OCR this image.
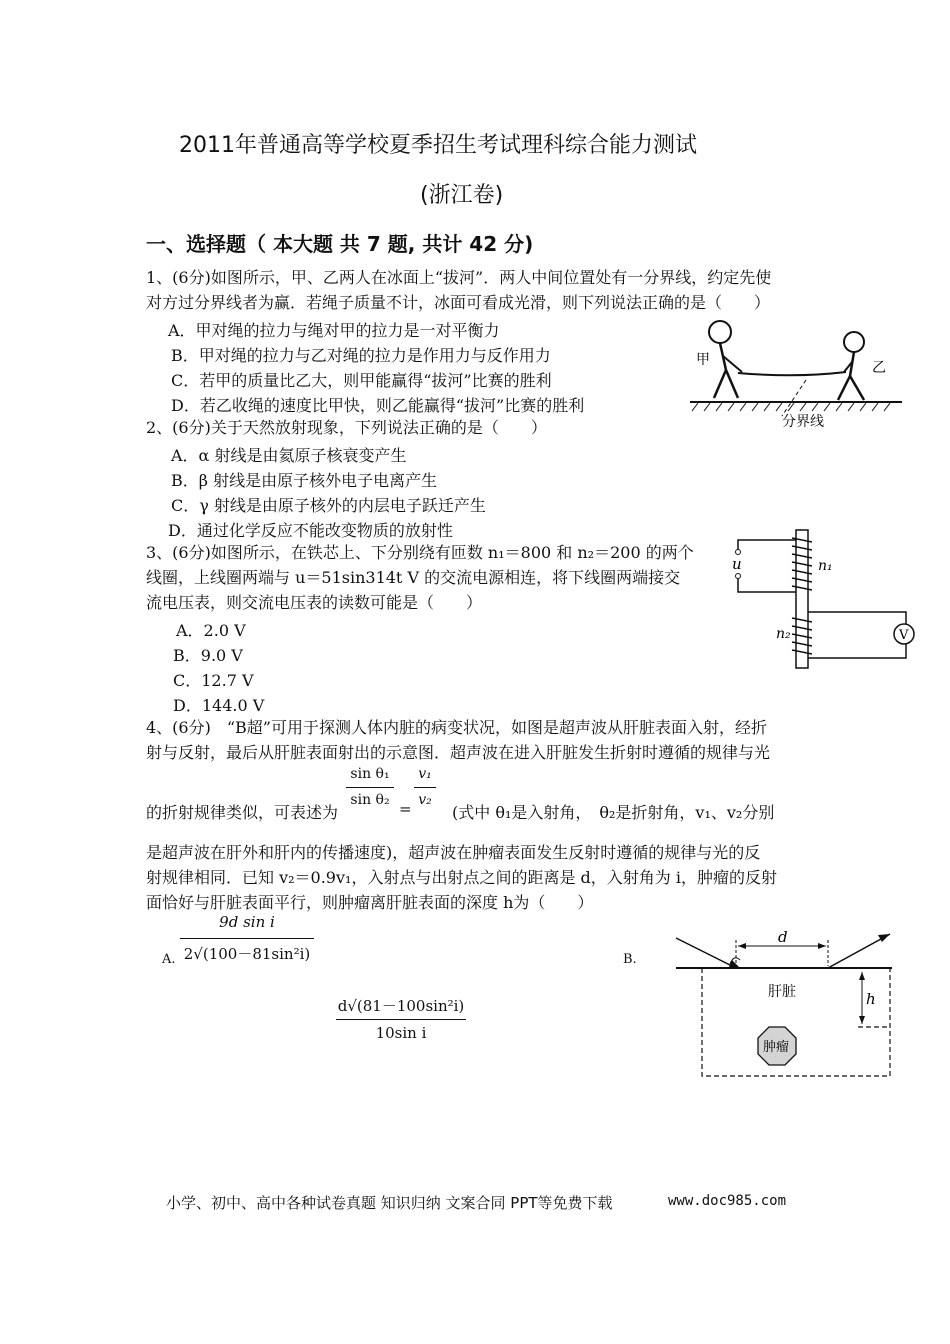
2011年普通高等学校夏季招生考试理科综合能力测试
(浙江卷)
一、选择题（ 本大题 共 7 题, 共计 42 分)
1、(6分)如图所示，甲、乙两人在冰面上“拔河”．两人中间位置处有一分界线，约定先使
对方过分界线者为赢．若绳子质量不计，冰面可看成光滑，则下列说法正确的是（　　）
A．甲对绳的拉力与绳对甲的拉力是一对平衡力
B．甲对绳的拉力与乙对绳的拉力是作用力与反作用力
C．若甲的质量比乙大，则甲能赢得“拔河”比赛的胜利
D．若乙收绳的速度比甲快，则乙能赢得“拔河”比赛的胜利
甲	乙
分界线
2、(6分)关于天然放射现象，下列说法正确的是（　　）
A．α 射线是由氦原子核衰变产生
B．β 射线是由原子核外电子电离产生
C．γ 射线是由原子核外的内层电子跃迁产生
D．通过化学反应不能改变物质的放射性
3、(6分)如图所示，在铁芯上、下分别绕有匝数 n₁＝800 和 n₂＝200 的两个
线圈，上线圈两端与 u＝51sin314t V 的交流电源相连，将下线圈两端接交
流电压表，则交流电压表的读数可能是（　　）
A．2.0 V
B．9.0 V
C．12.7 V
D．144.0 V
u	n₁
V
n₂
4、(6分)　“B超”可用于探测人体内脏的病变状况，如图是超声波从肝脏表面入射，经折
射与反射，最后从肝脏表面射出的示意图．超声波在进入肝脏发生折射时遵循的规律与光
的折射规律类似，可表述为
sin θ₁
sin θ₂ =
v₁
v₂
(式中 θ₁是入射角，　θ₂是折射角，v₁、v₂分别
是超声波在肝外和肝内的传播速度)，超声波在肿瘤表面发生反射时遵循的规律与光的反
射规律相同．已知 v₂＝0.9v₁，入射点与出射点之间的距离是 d，入射角为 i，肿瘤的反射
面恰好与肝脏表面平行，则肿瘤离肝脏表面的深度 h为（　　）
A.
9d sin i
2√(100－81sin²i)	B.
d√(81－100sin²i)
10sin i
d
h
肝脏
肿瘤
小学、初中、高中各种试卷真题 知识归纳 文案合同 PPT等免费下载	www.doc985.com
